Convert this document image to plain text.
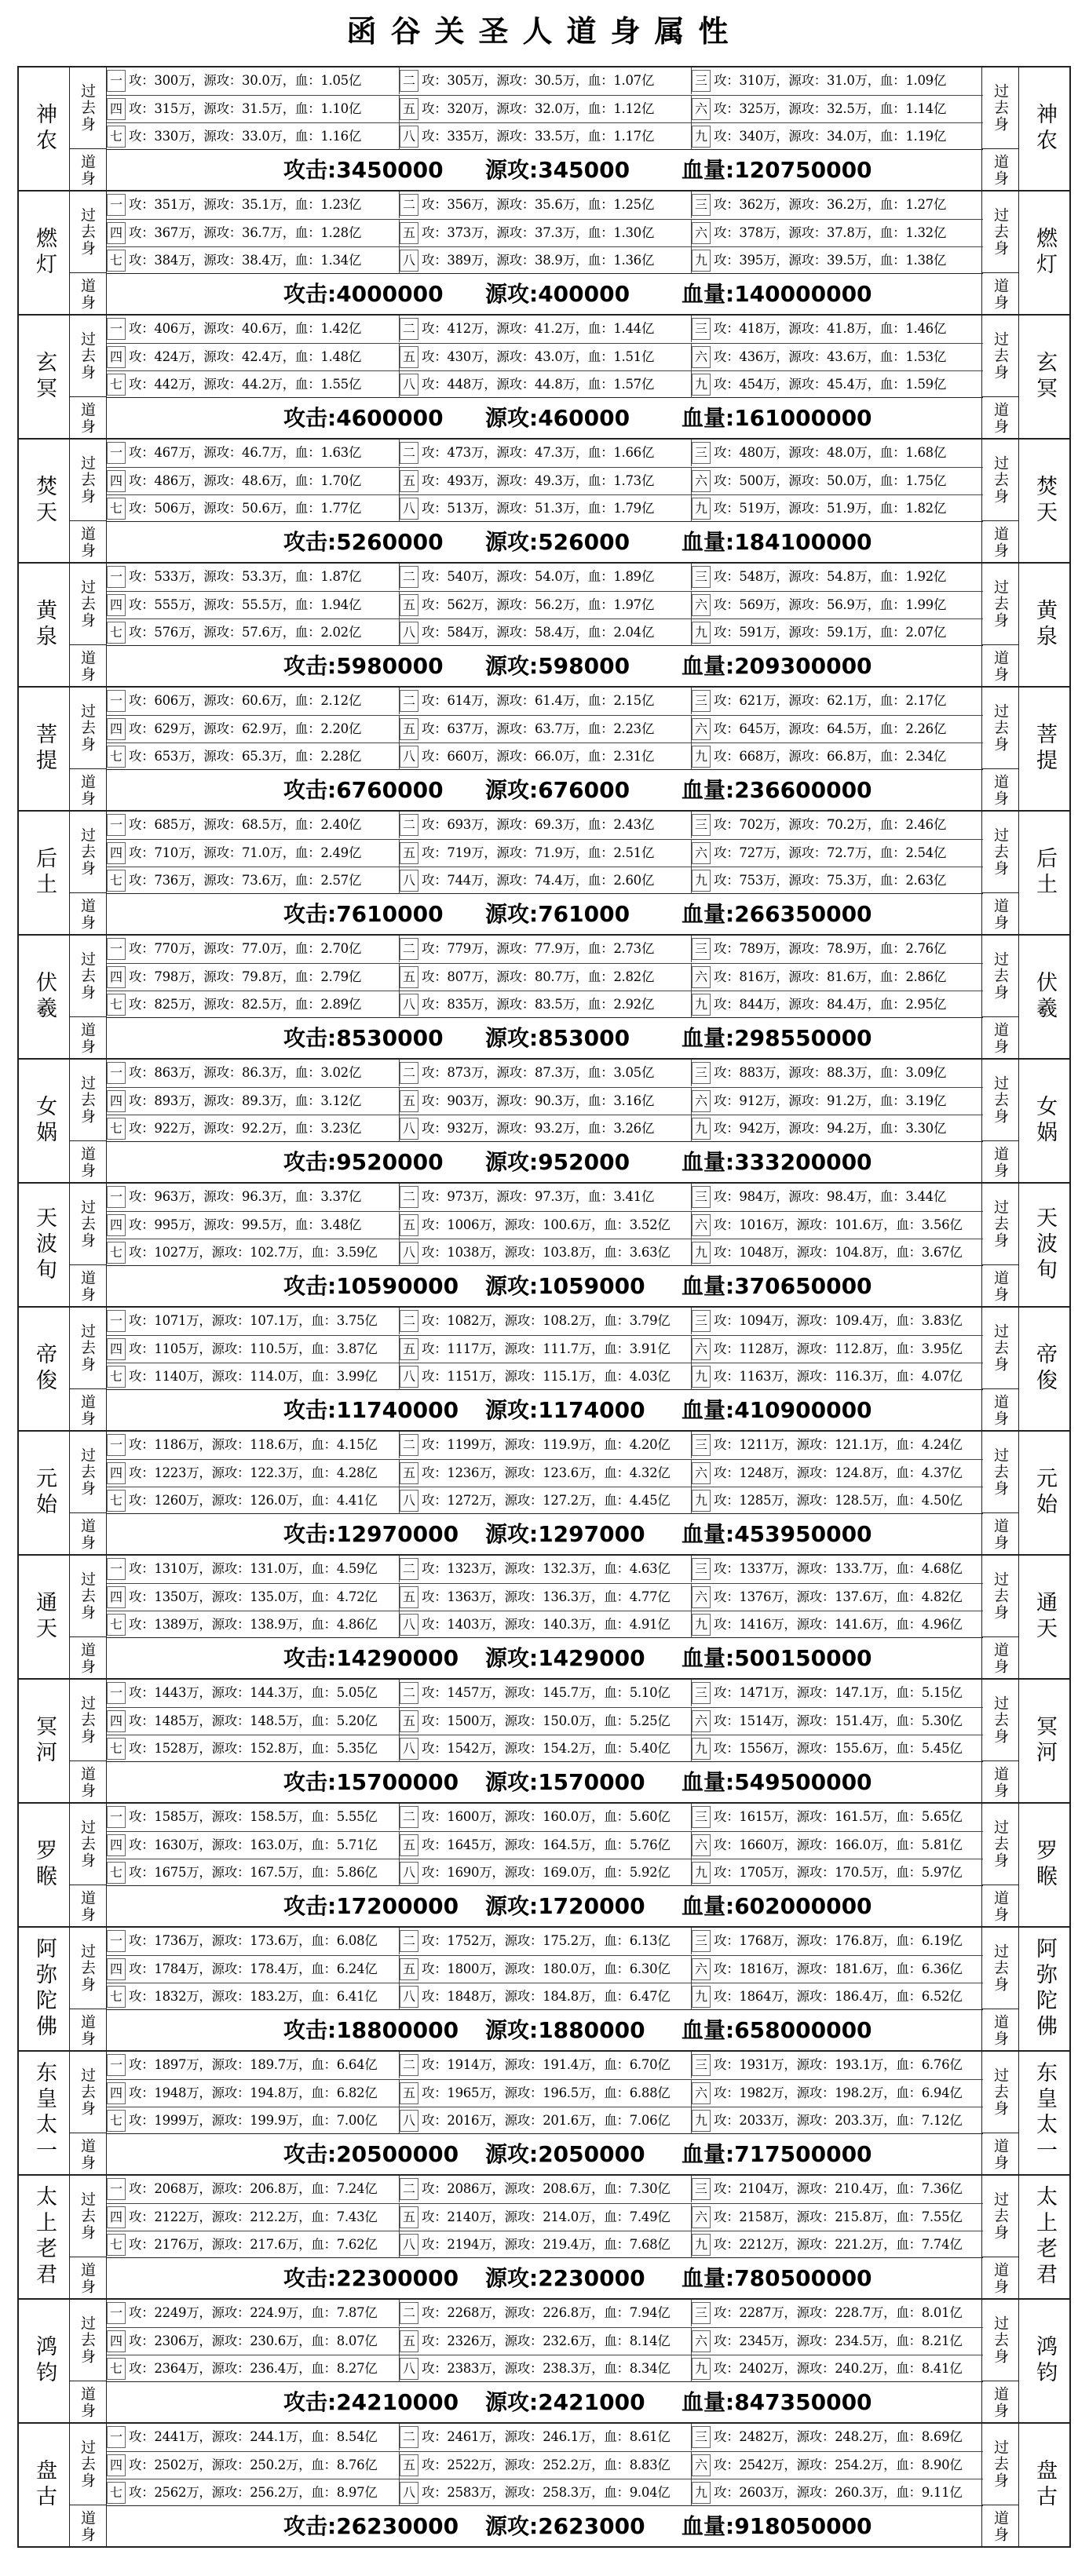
函谷关圣人道身属性
神农	神农
过去身
道身
过去身
道身
一 攻：300万，源攻：30.0万，血：1.05亿	二 攻：305万，源攻：30.5万，血：1.07亿	三 攻：310万，源攻：31.0万，血：1.09亿
四 攻：315万，源攻：31.5万，血：1.10亿	五 攻：320万，源攻：32.0万，血：1.12亿	六 攻：325万，源攻：32.5万，血：1.14亿
七 攻：330万，源攻：33.0万，血：1.16亿	八 攻：335万，源攻：33.5万，血：1.17亿	九 攻：340万，源攻：34.0万，血：1.19亿
攻击:3450000 源攻:345000 血量:120750000
燃灯	燃灯
过去身
道身
过去身
道身
一 攻：351万，源攻：35.1万，血：1.23亿	二 攻：356万，源攻：35.6万，血：1.25亿	三 攻：362万，源攻：36.2万，血：1.27亿
四 攻：367万，源攻：36.7万，血：1.28亿	五 攻：373万，源攻：37.3万，血：1.30亿	六 攻：378万，源攻：37.8万，血：1.32亿
七 攻：384万，源攻：38.4万，血：1.34亿	八 攻：389万，源攻：38.9万，血：1.36亿	九 攻：395万，源攻：39.5万，血：1.38亿
攻击:4000000 源攻:400000 血量:140000000
玄冥	玄冥
过去身
道身
过去身
道身
一 攻：406万，源攻：40.6万，血：1.42亿	二 攻：412万，源攻：41.2万，血：1.44亿	三 攻：418万，源攻：41.8万，血：1.46亿
四 攻：424万，源攻：42.4万，血：1.48亿	五 攻：430万，源攻：43.0万，血：1.51亿	六 攻：436万，源攻：43.6万，血：1.53亿
七 攻：442万，源攻：44.2万，血：1.55亿	八 攻：448万，源攻：44.8万，血：1.57亿	九 攻：454万，源攻：45.4万，血：1.59亿
攻击:4600000 源攻:460000 血量:161000000
焚天	焚天
过去身
道身
过去身
道身
一 攻：467万，源攻：46.7万，血：1.63亿	二 攻：473万，源攻：47.3万，血：1.66亿	三 攻：480万，源攻：48.0万，血：1.68亿
四 攻：486万，源攻：48.6万，血：1.70亿	五 攻：493万，源攻：49.3万，血：1.73亿	六 攻：500万，源攻：50.0万，血：1.75亿
七 攻：506万，源攻：50.6万，血：1.77亿	八 攻：513万，源攻：51.3万，血：1.79亿	九 攻：519万，源攻：51.9万，血：1.82亿
攻击:5260000 源攻:526000 血量:184100000
黄泉	黄泉
过去身
道身
过去身
道身
一 攻：533万，源攻：53.3万，血：1.87亿	二 攻：540万，源攻：54.0万，血：1.89亿	三 攻：548万，源攻：54.8万，血：1.92亿
四 攻：555万，源攻：55.5万，血：1.94亿	五 攻：562万，源攻：56.2万，血：1.97亿	六 攻：569万，源攻：56.9万，血：1.99亿
七 攻：576万，源攻：57.6万，血：2.02亿	八 攻：584万，源攻：58.4万，血：2.04亿	九 攻：591万，源攻：59.1万，血：2.07亿
攻击:5980000 源攻:598000 血量:209300000
菩提	菩提
过去身
道身
过去身
道身
一 攻：606万，源攻：60.6万，血：2.12亿	二 攻：614万，源攻：61.4万，血：2.15亿	三 攻：621万，源攻：62.1万，血：2.17亿
四 攻：629万，源攻：62.9万，血：2.20亿	五 攻：637万，源攻：63.7万，血：2.23亿	六 攻：645万，源攻：64.5万，血：2.26亿
七 攻：653万，源攻：65.3万，血：2.28亿	八 攻：660万，源攻：66.0万，血：2.31亿	九 攻：668万，源攻：66.8万，血：2.34亿
攻击:6760000 源攻:676000 血量:236600000
后土	后土
过去身
道身
过去身
道身
一 攻：685万，源攻：68.5万，血：2.40亿	二 攻：693万，源攻：69.3万，血：2.43亿	三 攻：702万，源攻：70.2万，血：2.46亿
四 攻：710万，源攻：71.0万，血：2.49亿	五 攻：719万，源攻：71.9万，血：2.51亿	六 攻：727万，源攻：72.7万，血：2.54亿
七 攻：736万，源攻：73.6万，血：2.57亿	八 攻：744万，源攻：74.4万，血：2.60亿	九 攻：753万，源攻：75.3万，血：2.63亿
攻击:7610000 源攻:761000 血量:266350000
伏羲	伏羲
过去身
道身
过去身
道身
一 攻：770万，源攻：77.0万，血：2.70亿	二 攻：779万，源攻：77.9万，血：2.73亿	三 攻：789万，源攻：78.9万，血：2.76亿
四 攻：798万，源攻：79.8万，血：2.79亿	五 攻：807万，源攻：80.7万，血：2.82亿	六 攻：816万，源攻：81.6万，血：2.86亿
七 攻：825万，源攻：82.5万，血：2.89亿	八 攻：835万，源攻：83.5万，血：2.92亿	九 攻：844万，源攻：84.4万，血：2.95亿
攻击:8530000 源攻:853000 血量:298550000
女娲	女娲
过去身
道身
过去身
道身
一 攻：863万，源攻：86.3万，血：3.02亿	二 攻：873万，源攻：87.3万，血：3.05亿	三 攻：883万，源攻：88.3万，血：3.09亿
四 攻：893万，源攻：89.3万，血：3.12亿	五 攻：903万，源攻：90.3万，血：3.16亿	六 攻：912万，源攻：91.2万，血：3.19亿
七 攻：922万，源攻：92.2万，血：3.23亿	八 攻：932万，源攻：93.2万，血：3.26亿	九 攻：942万，源攻：94.2万，血：3.30亿
攻击:9520000 源攻:952000 血量:333200000
天波旬	天波旬
过去身
道身
过去身
道身
一 攻：963万，源攻：96.3万，血：3.37亿	二 攻：973万，源攻：97.3万，血：3.41亿	三 攻：984万，源攻：98.4万，血：3.44亿
四 攻：995万，源攻：99.5万，血：3.48亿	五 攻：1006万，源攻：100.6万，血：3.52亿 六 攻：1016万，源攻：101.6万，血：3.56亿
七 攻：1027万，源攻：102.7万，血：3.59亿 八 攻：1038万，源攻：103.8万，血：3.63亿 九 攻：1048万，源攻：104.8万，血：3.67亿
攻击:10590000 源攻:1059000 血量:370650000
帝俊	帝俊
过去身
道身
过去身
道身
一 攻：1071万，源攻：107.1万，血：3.75亿 二 攻：1082万，源攻：108.2万，血：3.79亿 三 攻：1094万，源攻：109.4万，血：3.83亿
四 攻：1105万，源攻：110.5万，血：3.87亿 五 攻：1117万，源攻：111.7万，血：3.91亿 六 攻：1128万，源攻：112.8万，血：3.95亿
七 攻：1140万，源攻：114.0万，血：3.99亿 八 攻：1151万，源攻：115.1万，血：4.03亿 九 攻：1163万，源攻：116.3万，血：4.07亿
攻击:11740000 源攻:1174000 血量:410900000
元始	元始
过去身
道身
过去身
道身
一 攻：1186万，源攻：118.6万，血：4.15亿 二 攻：1199万，源攻：119.9万，血：4.20亿 三 攻：1211万，源攻：121.1万，血：4.24亿
四 攻：1223万，源攻：122.3万，血：4.28亿 五 攻：1236万，源攻：123.6万，血：4.32亿 六 攻：1248万，源攻：124.8万，血：4.37亿
七 攻：1260万，源攻：126.0万，血：4.41亿 八 攻：1272万，源攻：127.2万，血：4.45亿 九 攻：1285万，源攻：128.5万，血：4.50亿
攻击:12970000 源攻:1297000 血量:453950000
通天	通天
过去身
道身
过去身
道身
一 攻：1310万，源攻：131.0万，血：4.59亿 二 攻：1323万，源攻：132.3万，血：4.63亿 三 攻：1337万，源攻：133.7万，血：4.68亿
四 攻：1350万，源攻：135.0万，血：4.72亿 五 攻：1363万，源攻：136.3万，血：4.77亿 六 攻：1376万，源攻：137.6万，血：4.82亿
七 攻：1389万，源攻：138.9万，血：4.86亿 八 攻：1403万，源攻：140.3万，血：4.91亿 九 攻：1416万，源攻：141.6万，血：4.96亿
攻击:14290000 源攻:1429000 血量:500150000
冥河	冥河
过去身
道身
过去身
道身
一 攻：1443万，源攻：144.3万，血：5.05亿 二 攻：1457万，源攻：145.7万，血：5.10亿 三 攻：1471万，源攻：147.1万，血：5.15亿
四 攻：1485万，源攻：148.5万，血：5.20亿 五 攻：1500万，源攻：150.0万，血：5.25亿 六 攻：1514万，源攻：151.4万，血：5.30亿
七 攻：1528万，源攻：152.8万，血：5.35亿 八 攻：1542万，源攻：154.2万，血：5.40亿 九 攻：1556万，源攻：155.6万，血：5.45亿
攻击:15700000 源攻:1570000 血量:549500000
罗睺	罗睺
过去身
道身
过去身
道身
一 攻：1585万，源攻：158.5万，血：5.55亿 二 攻：1600万，源攻：160.0万，血：5.60亿 三 攻：1615万，源攻：161.5万，血：5.65亿
四 攻：1630万，源攻：163.0万，血：5.71亿 五 攻：1645万，源攻：164.5万，血：5.76亿 六 攻：1660万，源攻：166.0万，血：5.81亿
七 攻：1675万，源攻：167.5万，血：5.86亿 八 攻：1690万，源攻：169.0万，血：5.92亿 九 攻：1705万，源攻：170.5万，血：5.97亿
攻击:17200000 源攻:1720000 血量:602000000
阿弥陀佛	阿弥陀佛
过去身
道身
过去身
道身
一 攻：1736万，源攻：173.6万，血：6.08亿 二 攻：1752万，源攻：175.2万，血：6.13亿 三 攻：1768万，源攻：176.8万，血：6.19亿
四 攻：1784万，源攻：178.4万，血：6.24亿 五 攻：1800万，源攻：180.0万，血：6.30亿 六 攻：1816万，源攻：181.6万，血：6.36亿
七 攻：1832万，源攻：183.2万，血：6.41亿 八 攻：1848万，源攻：184.8万，血：6.47亿 九 攻：1864万，源攻：186.4万，血：6.52亿
攻击:18800000 源攻:1880000 血量:658000000
东皇太一	东皇太一
过去身
道身
过去身
道身
一 攻：1897万，源攻：189.7万，血：6.64亿 二 攻：1914万，源攻：191.4万，血：6.70亿 三 攻：1931万，源攻：193.1万，血：6.76亿
四 攻：1948万，源攻：194.8万，血：6.82亿 五 攻：1965万，源攻：196.5万，血：6.88亿 六 攻：1982万，源攻：198.2万，血：6.94亿
七 攻：1999万，源攻：199.9万，血：7.00亿 八 攻：2016万，源攻：201.6万，血：7.06亿 九 攻：2033万，源攻：203.3万，血：7.12亿
攻击:20500000 源攻:2050000 血量:717500000
太上老君	太上老君
过去身
道身
过去身
道身
一 攻：2068万，源攻：206.8万，血：7.24亿 二 攻：2086万，源攻：208.6万，血：7.30亿 三 攻：2104万，源攻：210.4万，血：7.36亿
四 攻：2122万，源攻：212.2万，血：7.43亿 五 攻：2140万，源攻：214.0万，血：7.49亿 六 攻：2158万，源攻：215.8万，血：7.55亿
七 攻：2176万，源攻：217.6万，血：7.62亿 八 攻：2194万，源攻：219.4万，血：7.68亿 九 攻：2212万，源攻：221.2万，血：7.74亿
攻击:22300000 源攻:2230000 血量:780500000
鸿钧	鸿钧
过去身
道身
过去身
道身
一 攻：2249万，源攻：224.9万，血：7.87亿 二 攻：2268万，源攻：226.8万，血：7.94亿 三 攻：2287万，源攻：228.7万，血：8.01亿
四 攻：2306万，源攻：230.6万，血：8.07亿 五 攻：2326万，源攻：232.6万，血：8.14亿 六 攻：2345万，源攻：234.5万，血：8.21亿
七 攻：2364万，源攻：236.4万，血：8.27亿 八 攻：2383万，源攻：238.3万，血：8.34亿 九 攻：2402万，源攻：240.2万，血：8.41亿
攻击:24210000 源攻:2421000 血量:847350000
盘古	盘古
过去身
道身
过去身
道身
一 攻：2441万，源攻：244.1万，血：8.54亿 二 攻：2461万，源攻：246.1万，血：8.61亿 三 攻：2482万，源攻：248.2万，血：8.69亿
四 攻：2502万，源攻：250.2万，血：8.76亿 五 攻：2522万，源攻：252.2万，血：8.83亿 六 攻：2542万，源攻：254.2万，血：8.90亿
七 攻：2562万，源攻：256.2万，血：8.97亿 八 攻：2583万，源攻：258.3万，血：9.04亿 九 攻：2603万，源攻：260.3万，血：9.11亿
攻击:26230000 源攻:2623000 血量:918050000
